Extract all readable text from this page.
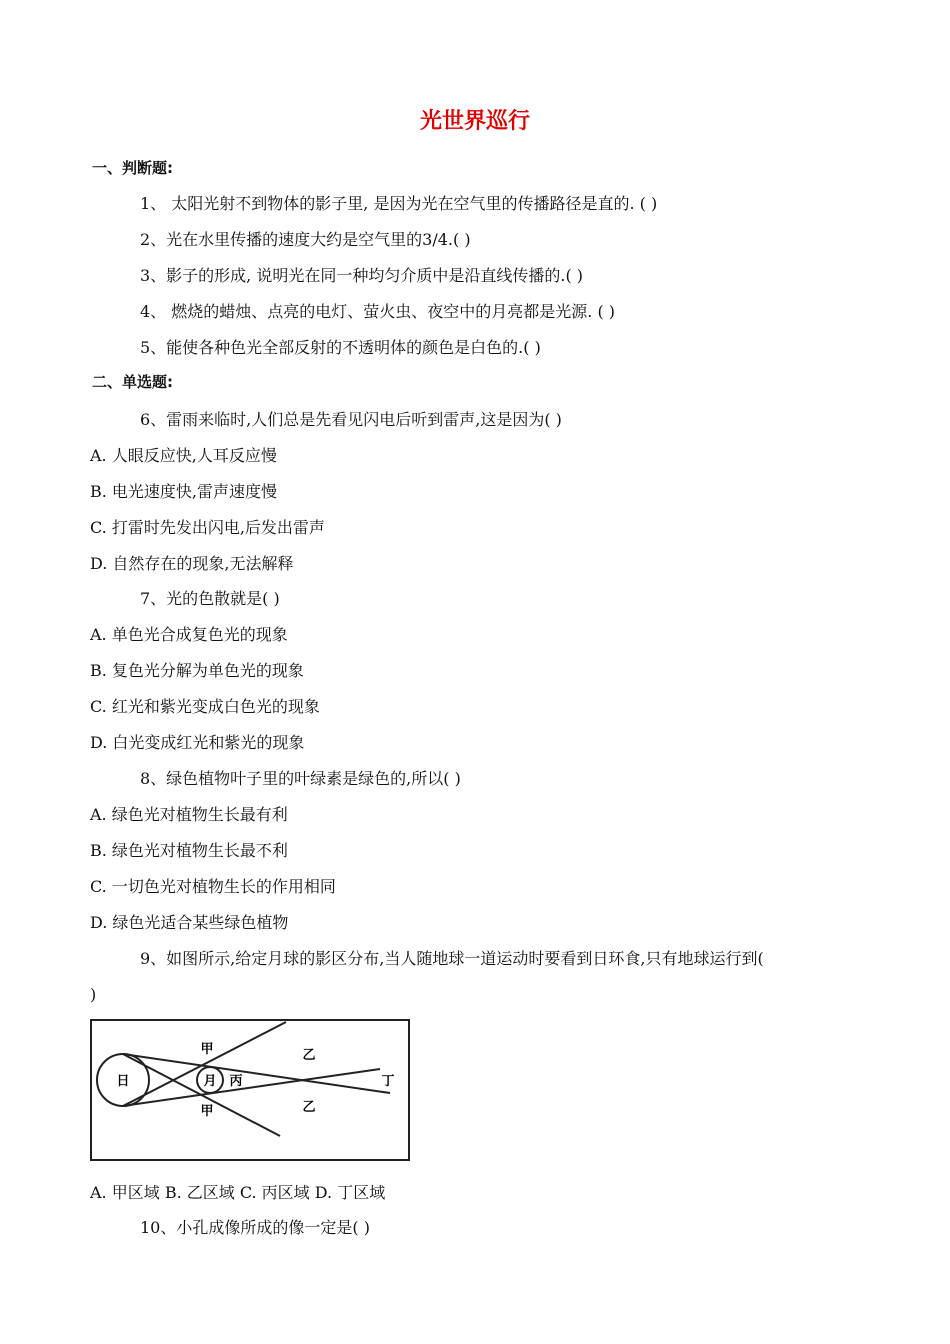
光世界巡行
一、判断题:
1、 太阳光射不到物体的影子里, 是因为光在空气里的传播路径是直的. ( )
2、光在水里传播的速度大约是空气里的3/4.( )
3、影子的形成, 说明光在同一种均匀介质中是沿直线传播的.( )
4、 燃烧的蜡烛、点亮的电灯、萤火虫、夜空中的月亮都是光源. ( )
5、能使各种色光全部反射的不透明体的颜色是白色的.( )
二、单选题:
6、雷雨来临时,人们总是先看见闪电后听到雷声,这是因为( )
A. 人眼反应快,人耳反应慢
B. 电光速度快,雷声速度慢
C. 打雷时先发出闪电,后发出雷声
D. 自然存在的现象,无法解释
7、光的色散就是( )
A. 单色光合成复色光的现象
B. 复色光分解为单色光的现象
C. 红光和紫光变成白色光的现象
D. 白光变成红光和紫光的现象
8、绿色植物叶子里的叶绿素是绿色的,所以( )
A. 绿色光对植物生长最有利
B. 绿色光对植物生长最不利
C. 一切色光对植物生长的作用相同
D. 绿色光适合某些绿色植物
9、如图所示,给定月球的影区分布,当人随地球一道运动时要看到日环食,只有地球运行到(
)
日	月
甲
甲
丙
乙
乙
丁
A. 甲区域 B. 乙区域 C. 丙区域 D. 丁区域
10、小孔成像所成的像一定是( )
